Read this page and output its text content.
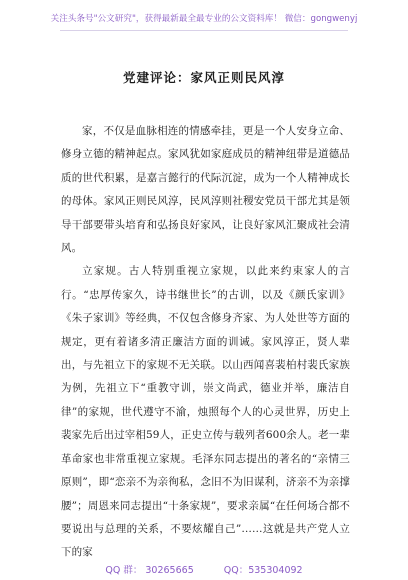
关注头条号"公文研究"，获得最新最全最专业的公文资料库！ 微信：gongwenyj
党建评论：家风正则民风淳

家，不仅是血脉相连的情感牵挂，更是一个人安身立命、修身立德的精神起点。家风犹如家庭成员的精神纽带是道德品质的世代积累，是嘉言懿行的代际沉淀，成为一个人精神成长的母体。家风正则民风淳，民风淳则社稷安党员干部尤其是领导干部要带头培育和弘扬良好家风，让良好家风汇聚成社会清风。

立家规。古人特别重视立家规，以此来约束家人的言行。“忠厚传家久，诗书继世长”的古训，以及《颜氏家训》《朱子家训》等经典，不仅包含修身齐家、为人处世等方面的规定，更有着诸多清正廉洁方面的训诫。家风淳正，贤人辈出，与先祖立下的家规不无关联。以山西闻喜裴柏村裴氏家族为例，先祖立下“重教守训，崇文尚武，德业并举，廉洁自律”的家规，世代遵守不渝，烛照每个人的心灵世界，历史上裴家先后出过宰相59人，正史立传与载列者600余人。老一辈革命家也非常重视立家规。毛泽东同志提出的著名的“亲情三原则”，即“恋亲不为亲徇私，念旧不为旧谋利，济亲不为亲撑腰”；周恩来同志提出“十条家规”，要求亲属“在任何场合都不要说出与总理的关系，不要炫耀自己”……这就是共产党人立下的家

QQ 群： 30265665	QQ：535304092
